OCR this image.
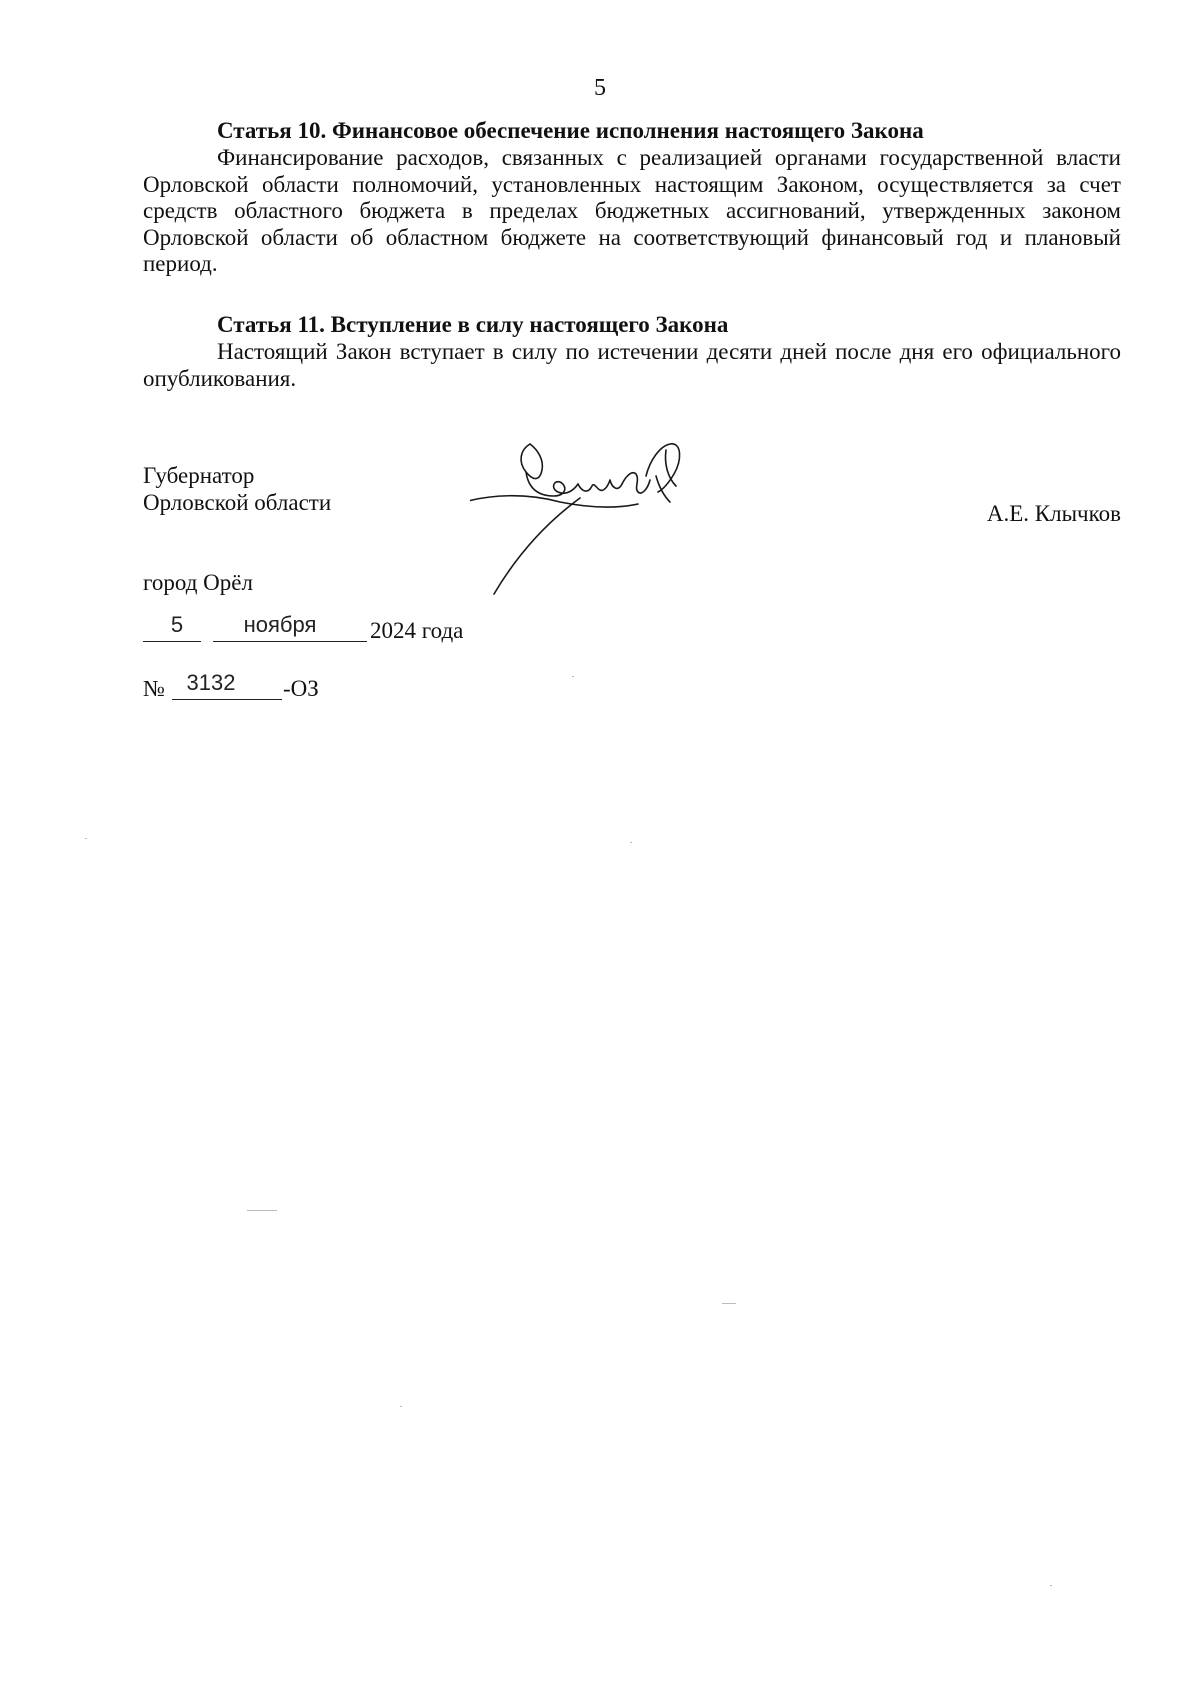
5

Статья 10. Финансовое обеспечение исполнения настоящего Закона

Финансирование расходов, связанных с реализацией органами государственной власти Орловской области полномочий, установленных настоящим Законом, осуществляется за счет средств областного бюджета в пределах бюджетных ассигнований, утвержденных законом Орловской области об областном бюджете на соответствующий финансовый год и плановый период.

Статья 11. Вступление в силу настоящего Закона

Настоящий Закон вступает в силу по истечении десяти дней после дня его официального опубликования.

Губернатор
Орловской области	А.Е. Клычков
город Орёл
5	ноября	2024 года
№ 3132	-ОЗ
